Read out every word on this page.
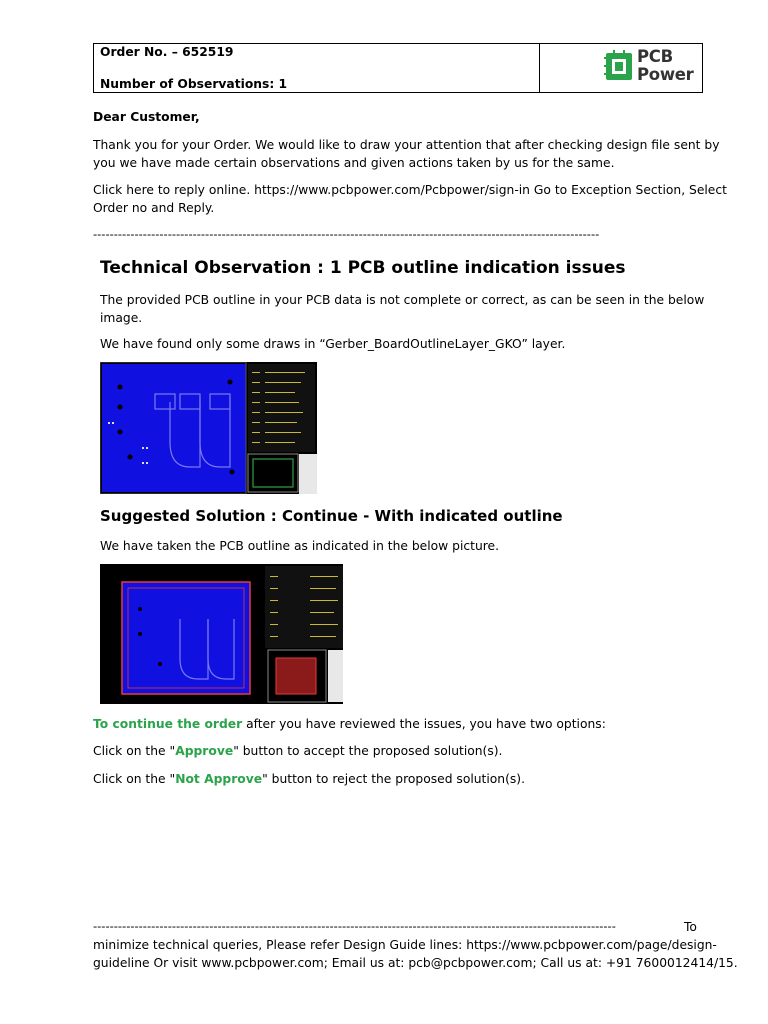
Order No. – 652519
Number of Observations: 1
PCB
Power
Dear Customer,
Thank you for your Order. We would like to draw your attention that after checking design file sent by
you we have made certain observations and given actions taken by us for the same.
Click here to reply online. https://www.pcbpower.com/Pcbpower/sign-in Go to Exception Section, Select
Order no and Reply.
--------------------------------------------------------------------------------------------------------------------------
Technical Observation : 1 PCB outline indication issues
The provided PCB outline in your PCB data is not complete or correct, as can be seen in the below
image.
We have found only some draws in “Gerber_BoardOutlineLayer_GKO” layer.
Suggested Solution : Continue - With indicated outline
We have taken the PCB outline as indicated in the below picture.
To continue the order after you have reviewed the issues, you have two options:
Click on the "Approve" button to accept the proposed solution(s).
Click on the "Not Approve" button to reject the proposed solution(s).
------------------------------------------------------------------------------------------------------------------------------	To
minimize technical queries, Please refer Design Guide lines: https://www.pcbpower.com/page/design-
guideline Or visit www.pcbpower.com; Email us at: pcb@pcbpower.com; Call us at: +91 7600012414/15.
